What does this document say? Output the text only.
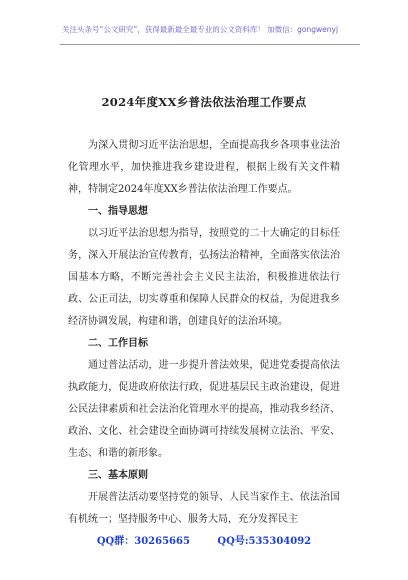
关注头条号“公文研究”，获得最新最全最专业的公文资料库！ 加微信：gongwenyj
2024年度XX乡普法依法治理工作要点

为深入贯彻习近平法治思想，全面提高我乡各项事业法治化管理水平，加快推进我乡建设进程，根据上级有关文件精神，特制定2024年度XX乡普法依法治理工作要点。

一、指导思想

以习近平法治思想为指导，按照党的二十大确定的目标任务，深入开展法治宣传教育，弘扬法治精神，全面落实依法治国基本方略，不断完善社会主义民主法治，积极推进依法行政、公正司法，切实尊重和保障人民群众的权益，为促进我乡经济协调发展，构建和谐，创建良好的法治环境。

二、工作目标

通过普法活动，进一步提升普法效果，促进党委提高依法执政能力，促进政府依法行政，促进基层民主政治建设，促进公民法律素质和社会法治化管理水平的提高，推动我乡经济、政治、文化、社会建设全面协调可持续发展树立法治、平安、生态、和谐的新形象。

三、基本原则

开展普法活动要坚持党的领导、人民当家作主、依法治国有机统一；坚持服务中心、服务大局，充分发挥民主

QQ群：30265665	QQ号:535304092
